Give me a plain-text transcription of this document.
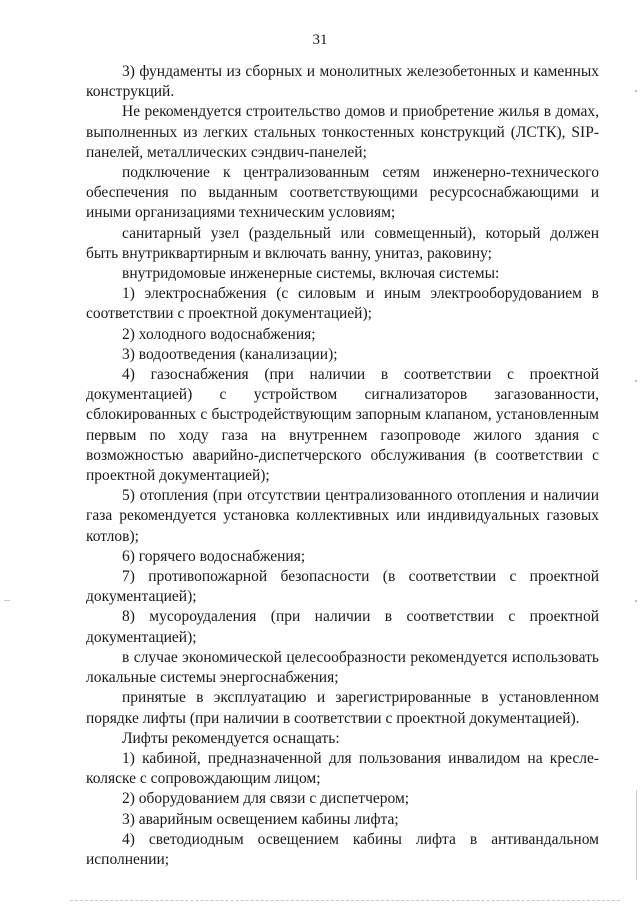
31

3) фундаменты из сборных и монолитных железобетонных и каменных конструкций.

Не рекомендуется строительство домов и приобретение жилья в домах, выполненных из легких стальных тонкостенных конструкций (ЛСТК), SIP-панелей, металлических сэндвич-панелей;

подключение к централизованным сетям инженерно-технического обеспечения по выданным соответствующими ресурсоснабжающими и иными организациями техническим условиям;

санитарный узел (раздельный или совмещенный), который должен быть внутриквартирным и включать ванну, унитаз, раковину;

внутридомовые инженерные системы, включая системы:

1) электроснабжения (с силовым и иным электрооборудованием в соответствии с проектной документацией);

2) холодного водоснабжения;

3) водоотведения (канализации);

4) газоснабжения (при наличии в соответствии с проектной документацией) с устройством сигнализаторов загазованности, сблокированных с быстродействующим запорным клапаном, установленным первым по ходу газа на внутреннем газопроводе жилого здания с возможностью аварийно-диспетчерского обслуживания (в соответствии с проектной документацией);

5) отопления (при отсутствии централизованного отопления и наличии газа рекомендуется установка коллективных или индивидуальных газовых котлов);

6) горячего водоснабжения;

7) противопожарной безопасности (в соответствии с проектной документацией);

8) мусороудаления (при наличии в соответствии с проектной документацией);

в случае экономической целесообразности рекомендуется использовать локальные системы энергоснабжения;

принятые в эксплуатацию и зарегистрированные в установленном порядке лифты (при наличии в соответствии с проектной документацией).

Лифты рекомендуется оснащать:

1) кабиной, предназначенной для пользования инвалидом на кресле-коляске с сопровождающим лицом;

2) оборудованием для связи с диспетчером;

3) аварийным освещением кабины лифта;

4) светодиодным освещением кабины лифта в антивандальном исполнении;
